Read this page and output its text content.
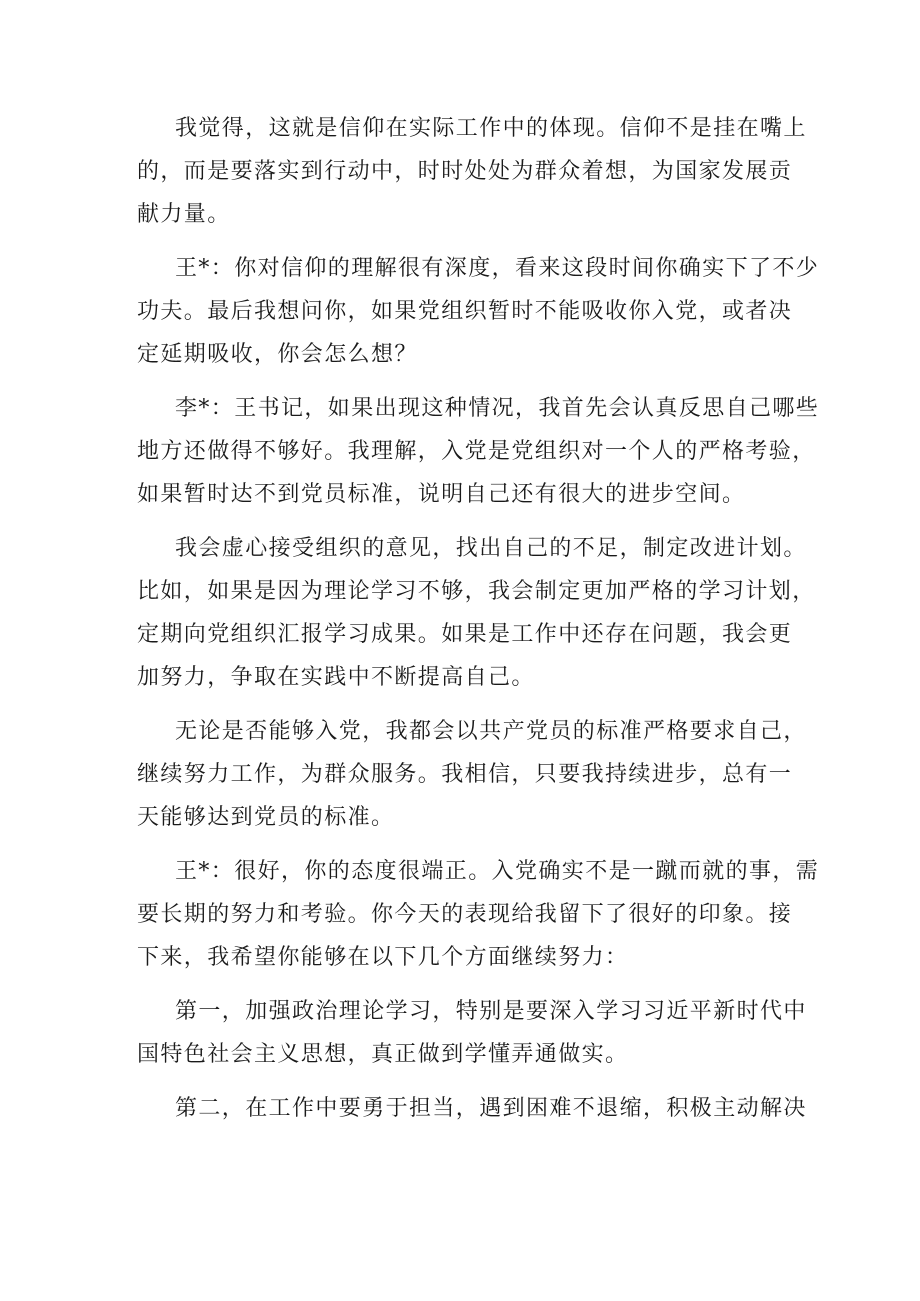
我觉得，这就是信仰在实际工作中的体现。信仰不是挂在嘴上
的，而是要落实到行动中，时时处处为群众着想，为国家发展贡
献力量。
王*：你对信仰的理解很有深度，看来这段时间你确实下了不少
功夫。最后我想问你，如果党组织暂时不能吸收你入党，或者决
定延期吸收，你会怎么想？
李*：王书记，如果出现这种情况，我首先会认真反思自己哪些
地方还做得不够好。我理解，入党是党组织对一个人的严格考验，
如果暂时达不到党员标准，说明自己还有很大的进步空间。
我会虚心接受组织的意见，找出自己的不足，制定改进计划。
比如，如果是因为理论学习不够，我会制定更加严格的学习计划，
定期向党组织汇报学习成果。如果是工作中还存在问题，我会更
加努力，争取在实践中不断提高自己。
无论是否能够入党，我都会以共产党员的标准严格要求自己，
继续努力工作，为群众服务。我相信，只要我持续进步，总有一
天能够达到党员的标准。
王*：很好，你的态度很端正。入党确实不是一蹴而就的事，需
要长期的努力和考验。你今天的表现给我留下了很好的印象。接
下来，我希望你能够在以下几个方面继续努力：
第一，加强政治理论学习，特别是要深入学习习近平新时代中
国特色社会主义思想，真正做到学懂弄通做实。
第二，在工作中要勇于担当，遇到困难不退缩，积极主动解决
